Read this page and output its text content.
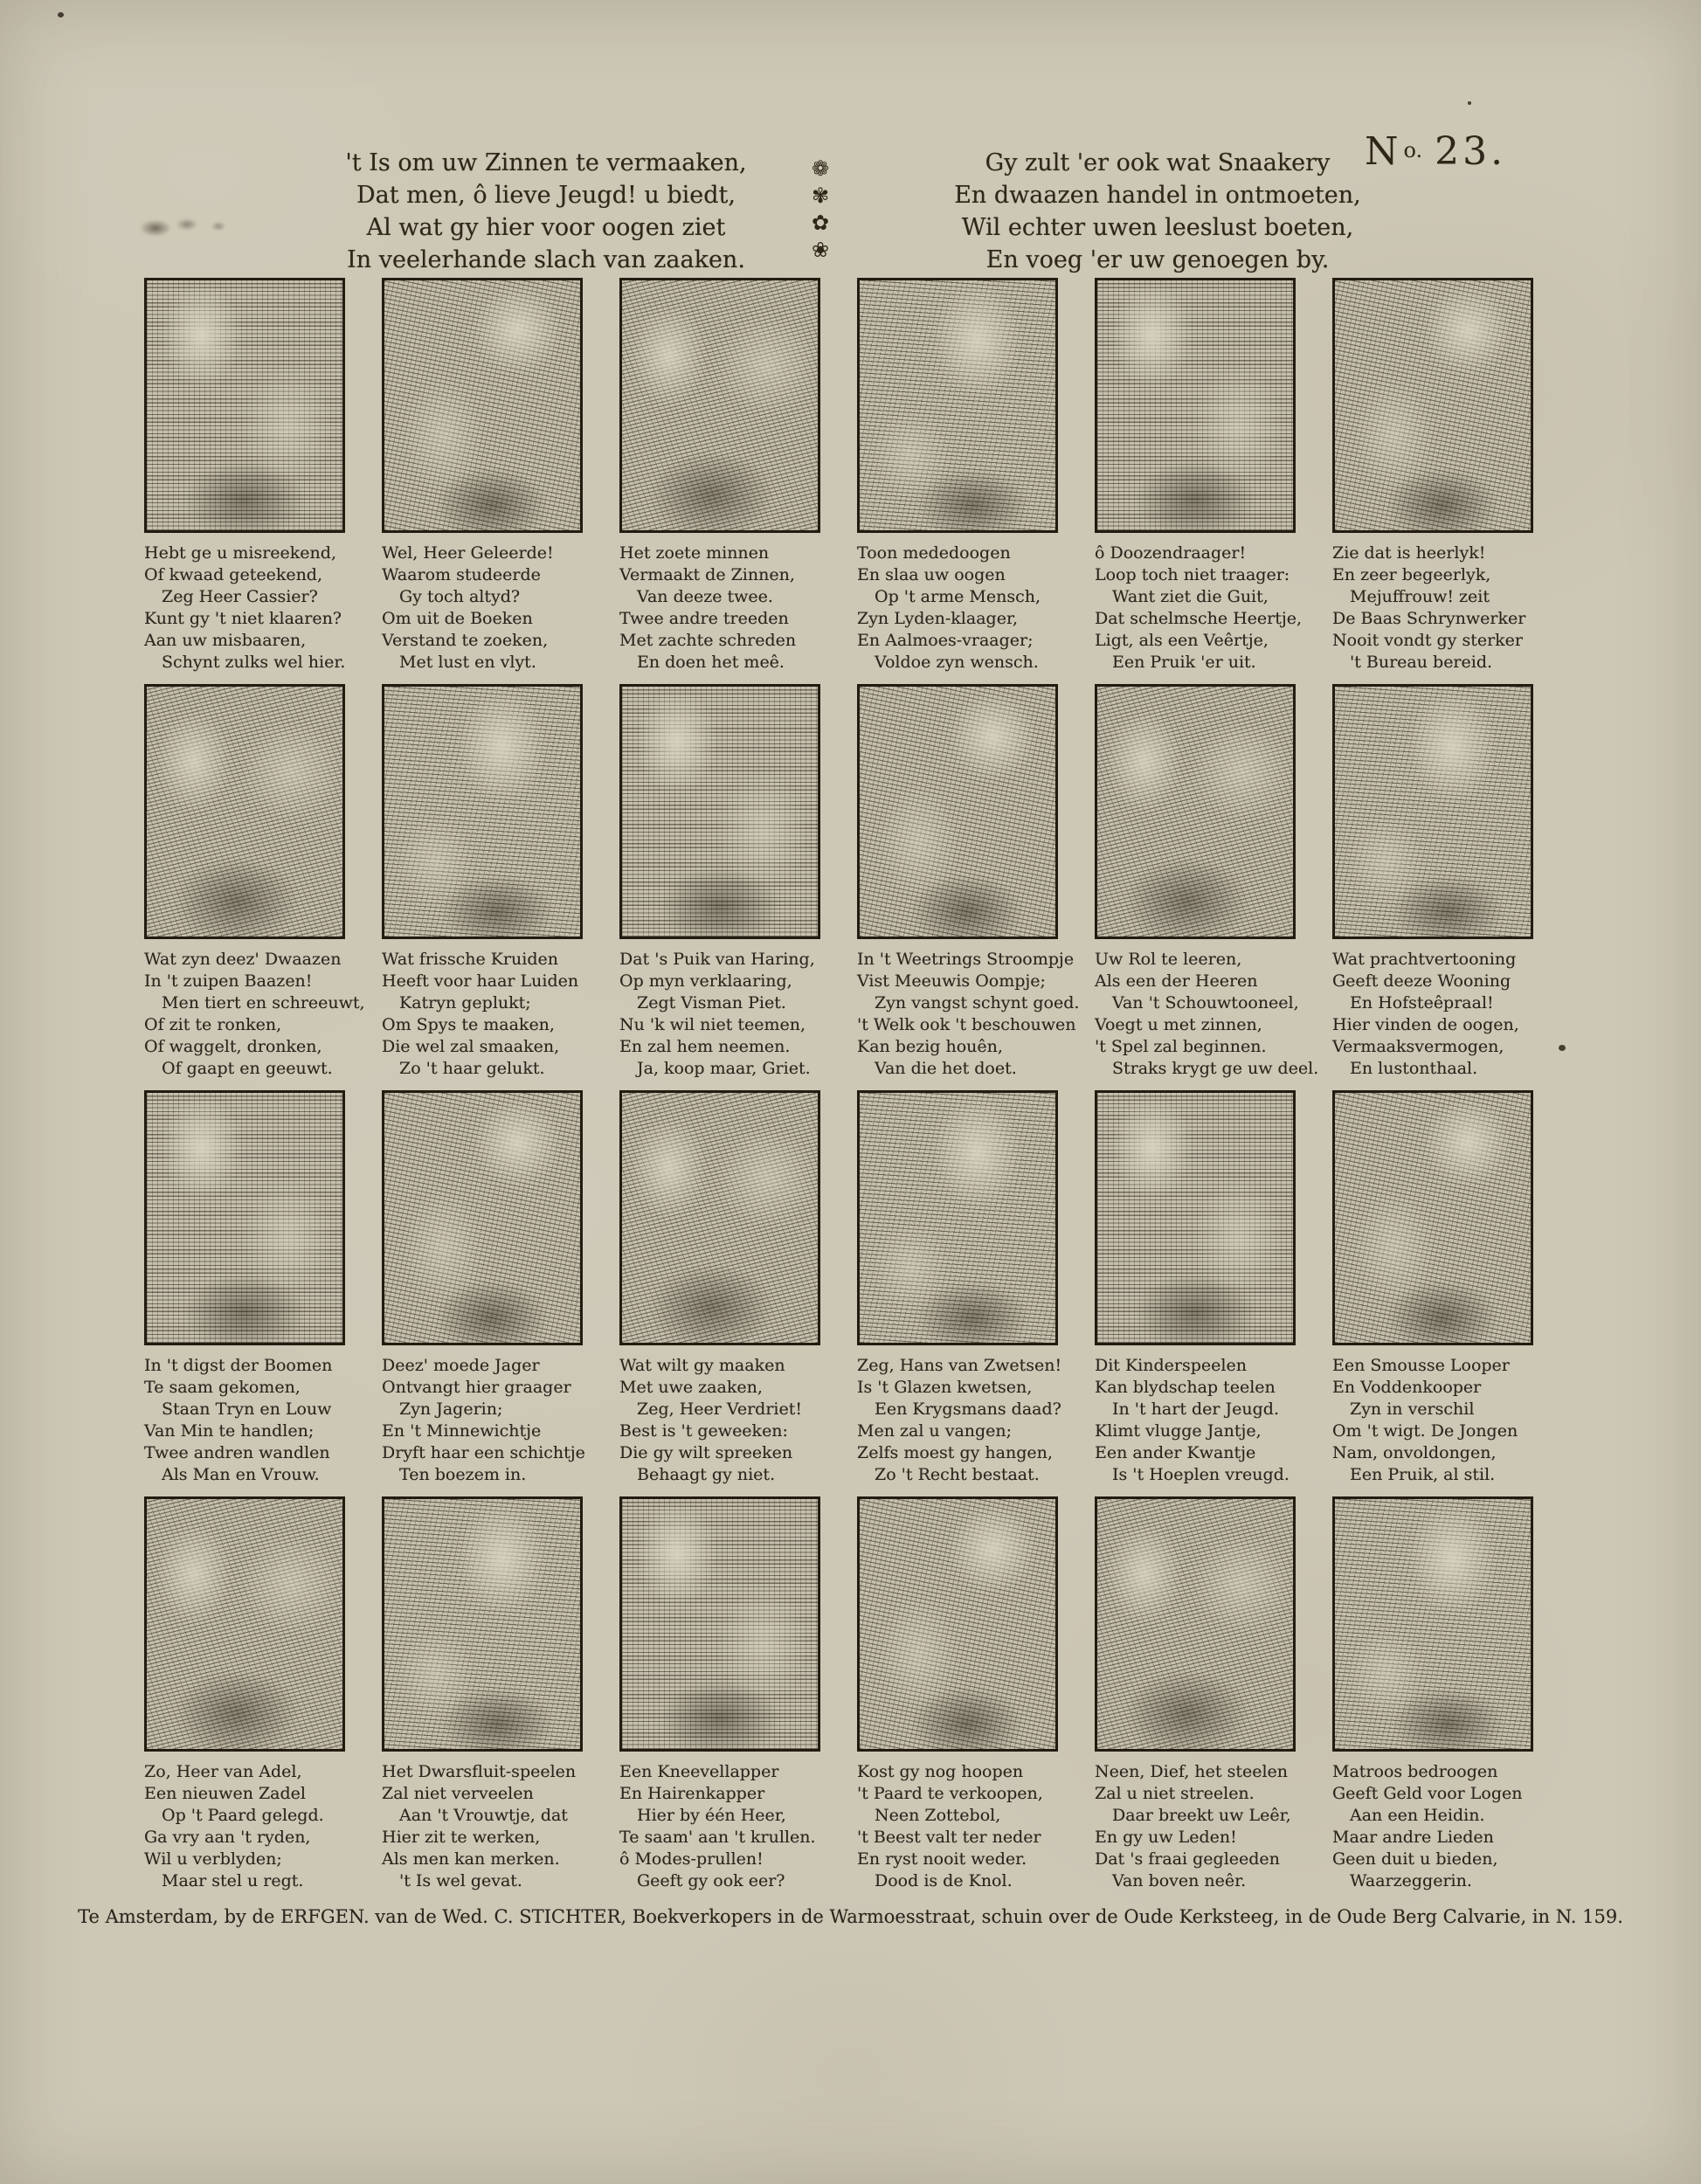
't Is om uw Zinnen te vermaaken,
Dat men, ô lieve Jeugd! u biedt,
Al wat gy hier voor oogen ziet
In veelerhande slach van zaaken.
❁
✾
✿
❀
Gy zult 'er ook wat Snaakery
En dwaazen handel in ontmoeten,
Wil echter uwen leeslust boeten,
En voeg 'er uw genoegen by.
$N^{o.}$ 23.
Hebt ge u misreekend,
Of kwaad geteekend,
Zeg Heer Cassier?
Kunt gy 't niet klaaren?
Aan uw misbaaren,
Schynt zulks wel hier.
Wel, Heer Geleerde!
Waarom studeerde
Gy toch altyd?
Om uit de Boeken
Verstand te zoeken,
Met lust en vlyt.
Het zoete minnen
Vermaakt de Zinnen,
Van deeze twee.
Twee andre treeden
Met zachte schreden
En doen het meê.
Toon mededoogen
En slaa uw oogen
Op 't arme Mensch,
Zyn Lyden-klaager,
En Aalmoes-vraager;
Voldoe zyn wensch.
ô Doozendraager!
Loop toch niet traager:
Want ziet die Guit,
Dat schelmsche Heertje,
Ligt, als een Veêrtje,
Een Pruik 'er uit.
Zie dat is heerlyk!
En zeer begeerlyk,
Mejuffrouw! zeit
De Baas Schrynwerker
Nooit vondt gy sterker
't Bureau bereid.
Wat zyn deez' Dwaazen
In 't zuipen Baazen!
Men tiert en schreeuwt,
Of zit te ronken,
Of waggelt, dronken,
Of gaapt en geeuwt.
Wat frissche Kruiden
Heeft voor haar Luiden
Katryn geplukt;
Om Spys te maaken,
Die wel zal smaaken,
Zo 't haar gelukt.
Dat 's Puik van Haring,
Op myn verklaaring,
Zegt Visman Piet.
Nu 'k wil niet teemen,
En zal hem neemen.
Ja, koop maar, Griet.
In 't Weetrings Stroompje
Vist Meeuwis Oompje;
Zyn vangst schynt goed.
't Welk ook 't beschouwen
Kan bezig houên,
Van die het doet.
Uw Rol te leeren,
Als een der Heeren
Van 't Schouwtooneel,
Voegt u met zinnen,
't Spel zal beginnen.
Straks krygt ge uw deel.
Wat prachtvertooning
Geeft deeze Wooning
En Hofsteêpraal!
Hier vinden de oogen,
Vermaaksvermogen,
En lustonthaal.
In 't digst der Boomen
Te saam gekomen,
Staan Tryn en Louw
Van Min te handlen;
Twee andren wandlen
Als Man en Vrouw.
Deez' moede Jager
Ontvangt hier graager
Zyn Jagerin;
En 't Minnewichtje
Dryft haar een schichtje
Ten boezem in.
Wat wilt gy maaken
Met uwe zaaken,
Zeg, Heer Verdriet!
Best is 't geweeken:
Die gy wilt spreeken
Behaagt gy niet.
Zeg, Hans van Zwetsen!
Is 't Glazen kwetsen,
Een Krygsmans daad?
Men zal u vangen;
Zelfs moest gy hangen,
Zo 't Recht bestaat.
Dit Kinderspeelen
Kan blydschap teelen
In 't hart der Jeugd.
Klimt vlugge Jantje,
Een ander Kwantje
Is 't Hoeplen vreugd.
Een Smousse Looper
En Voddenkooper
Zyn in verschil
Om 't wigt. De Jongen
Nam, onvoldongen,
Een Pruik, al stil.
Zo, Heer van Adel,
Een nieuwen Zadel
Op 't Paard gelegd.
Ga vry aan 't ryden,
Wil u verblyden;
Maar stel u regt.
Het Dwarsfluit-speelen
Zal niet verveelen
Aan 't Vrouwtje, dat
Hier zit te werken,
Als men kan merken.
't Is wel gevat.
Een Kneevellapper
En Hairenkapper
Hier by één Heer,
Te saam' aan 't krullen.
ô Modes-prullen!
Geeft gy ook eer?
Kost gy nog hoopen
't Paard te verkoopen,
Neen Zottebol,
't Beest valt ter neder
En ryst nooit weder.
Dood is de Knol.
Neen, Dief, het steelen
Zal u niet streelen.
Daar breekt uw Leêr,
En gy uw Leden!
Dat 's fraai gegleeden
Van boven neêr.
Matroos bedroogen
Geeft Geld voor Logen
Aan een Heidin.
Maar andre Lieden
Geen duit u bieden,
Waarzeggerin.
Te Amsterdam, by de ERFGEN. van de Wed. C. STICHTER, Boekverkopers in de Warmoesstraat, schuin over de Oude Kerksteeg, in de Oude Berg Calvarie, in N. 159.
